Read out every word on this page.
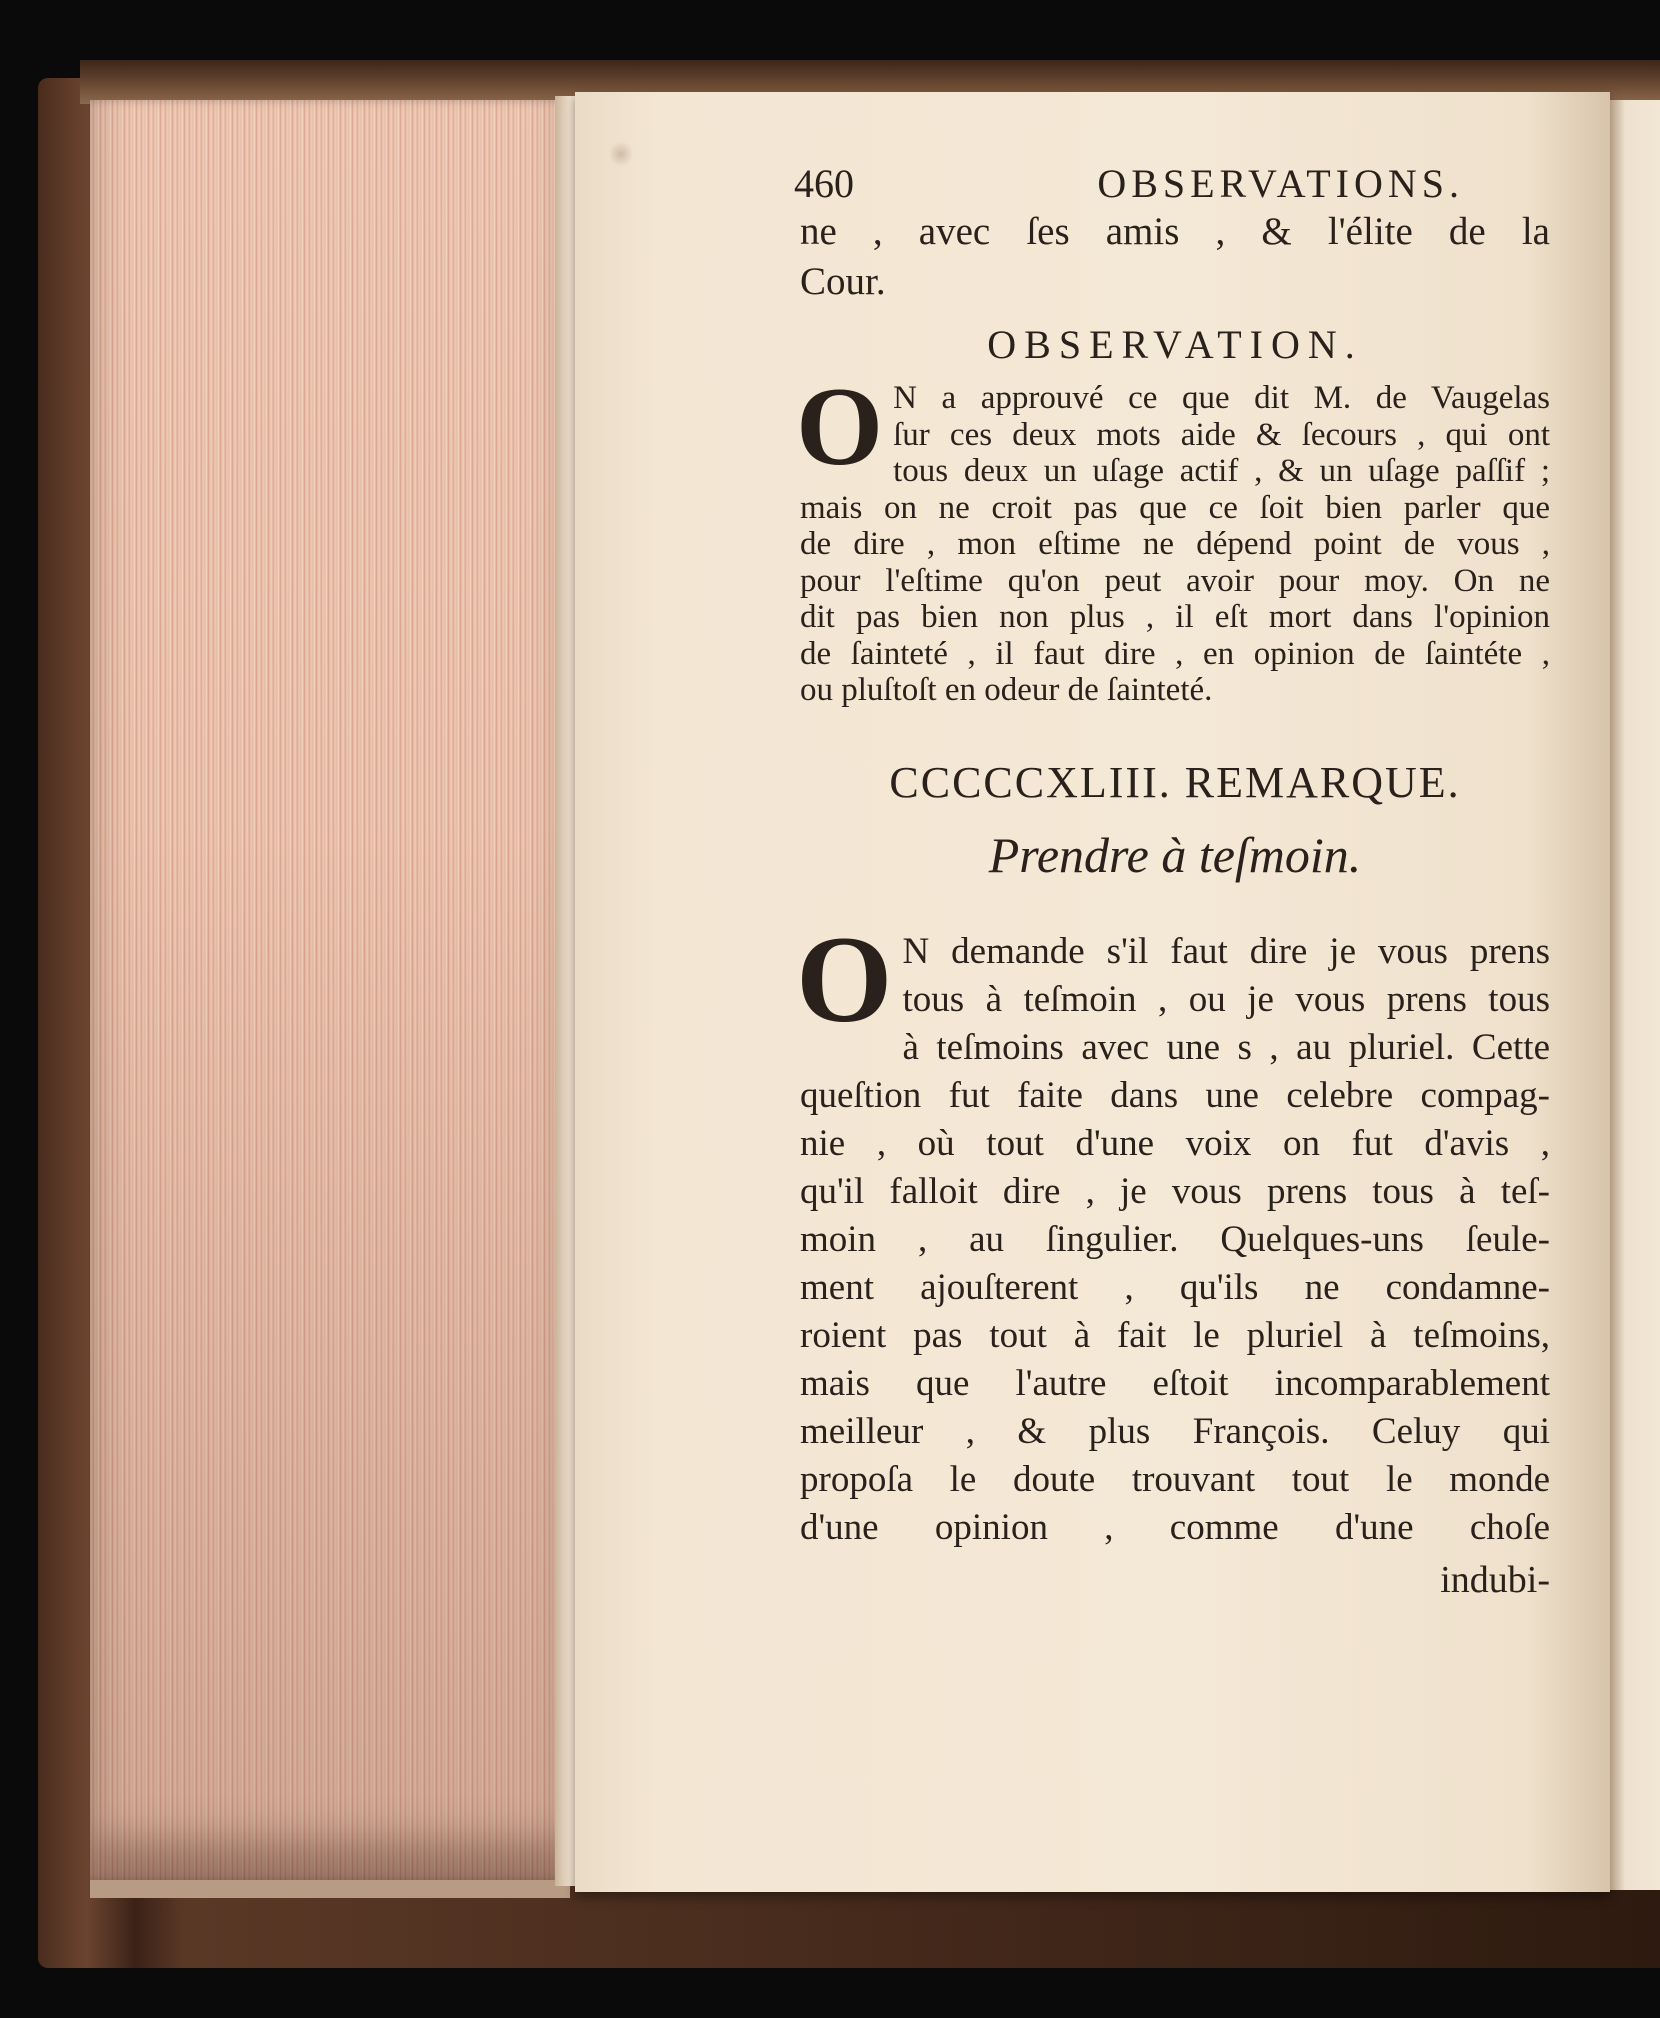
460	OBSERVATIONS.
ne , avec ſes amis , & l'élite de la
Cour.
OBSERVATION.
O N a approuvé ce que dit M. de Vaugelas
ſur ces deux mots aide & ſecours , qui ont
tous deux un uſage actif , & un uſage paſſif ;
mais on ne croit pas que ce ſoit bien parler que
de dire , mon eſtime ne dépend point de vous ,
pour l'eſtime qu'on peut avoir pour moy. On ne
dit pas bien non plus , il eſt mort dans l'opinion
de ſainteté , il faut dire , en opinion de ſaintéte ,
ou pluſtoſt en odeur de ſainteté.
CCCCCXLIII. REMARQUE.
Prendre à teſmoin.
O N demande s'il faut dire je vous prens
tous à teſmoin , ou je vous prens tous
à teſmoins avec une s , au pluriel. Cette
queſtion fut faite dans une celebre compag-
nie , où tout d'une voix on fut d'avis ,
qu'il falloit dire , je vous prens tous à teſ-
moin , au ſingulier. Quelques-uns ſeule-
ment ajouſterent , qu'ils ne condamne-
roient pas tout à fait le pluriel à teſmoins,
mais que l'autre eſtoit incomparablement
meilleur , & plus François. Celuy qui
propoſa le doute trouvant tout le monde
d'une opinion , comme d'une choſe
indubi-
